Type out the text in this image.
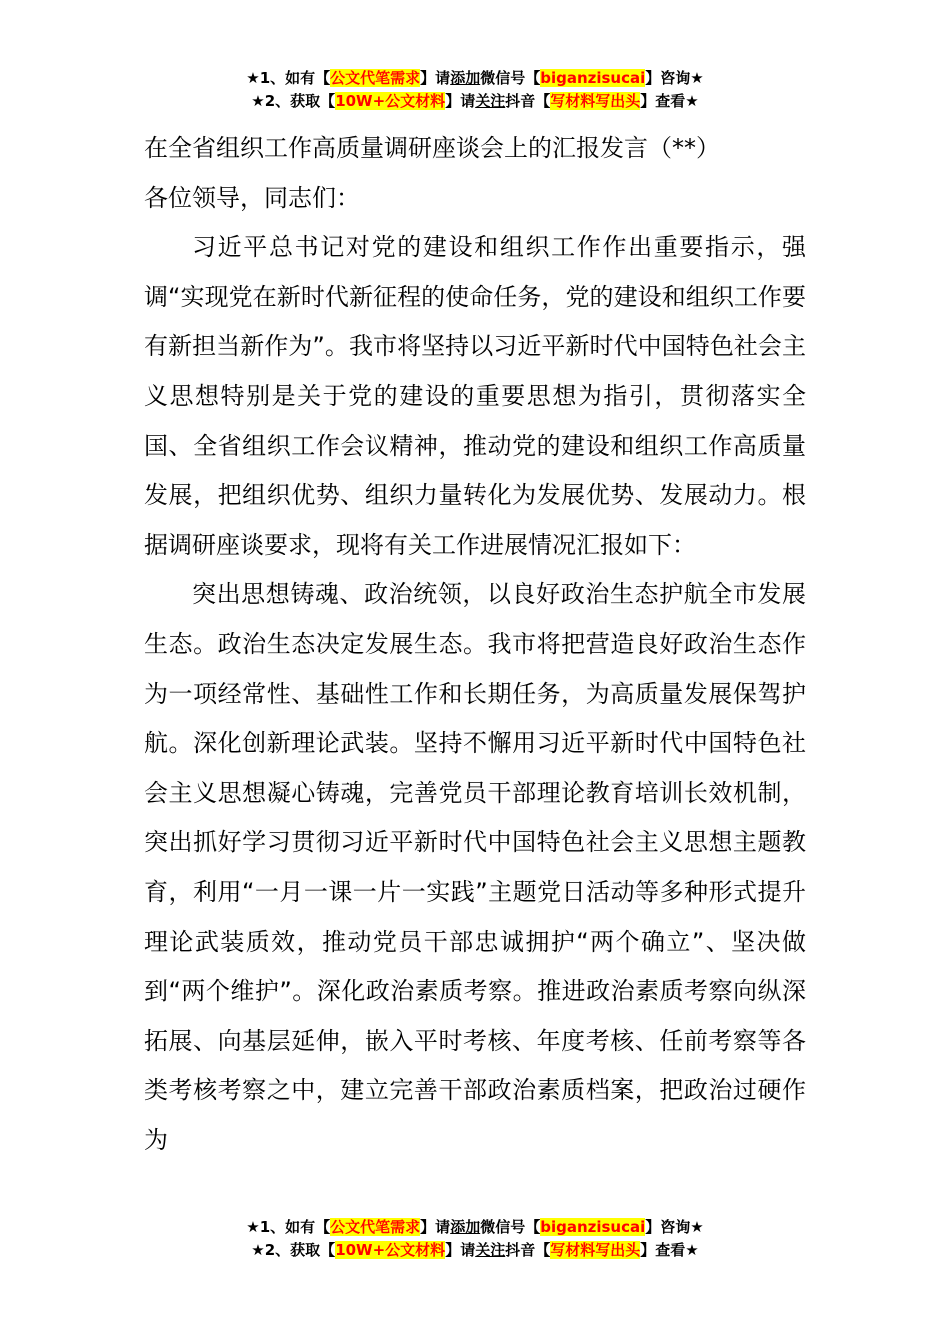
★1、如有【公文代笔需求】请添加微信号【biganzisucai】咨询★
★2、获取【10W+公文材料】请关注抖音【写材料写出头】查看★
在全省组织工作高质量调研座谈会上的汇报发言（**）
各位领导，同志们：

习近平总书记对党的建设和组织工作作出重要指示，强调“实现党在新时代新征程的使命任务，党的建设和组织工作要有新担当新作为”。我市将坚持以习近平新时代中国特色社会主义思想特别是关于党的建设的重要思想为指引，贯彻落实全国、全省组织工作会议精神，推动党的建设和组织工作高质量发展，把组织优势、组织力量转化为发展优势、发展动力。根据调研座谈要求，现将有关工作进展情况汇报如下：

突出思想铸魂、政治统领，以良好政治生态护航全市发展生态。政治生态决定发展生态。我市将把营造良好政治生态作为一项经常性、基础性工作和长期任务，为高质量发展保驾护航。深化创新理论武装。坚持不懈用习近平新时代中国特色社会主义思想凝心铸魂，完善党员干部理论教育培训长效机制，突出抓好学习贯彻习近平新时代中国特色社会主义思想主题教育，利用“一月一课一片一实践”主题党日活动等多种形式提升理论武装质效，推动党员干部忠诚拥护“两个确立”、坚决做到“两个维护”。深化政治素质考察。推进政治素质考察向纵深拓展、向基层延伸，嵌入平时考核、年度考核、任前考察等各类考核考察之中，建立完善干部政治素质档案，把政治过硬作为

★1、如有【公文代笔需求】请添加微信号【biganzisucai】咨询★
★2、获取【10W+公文材料】请关注抖音【写材料写出头】查看★
